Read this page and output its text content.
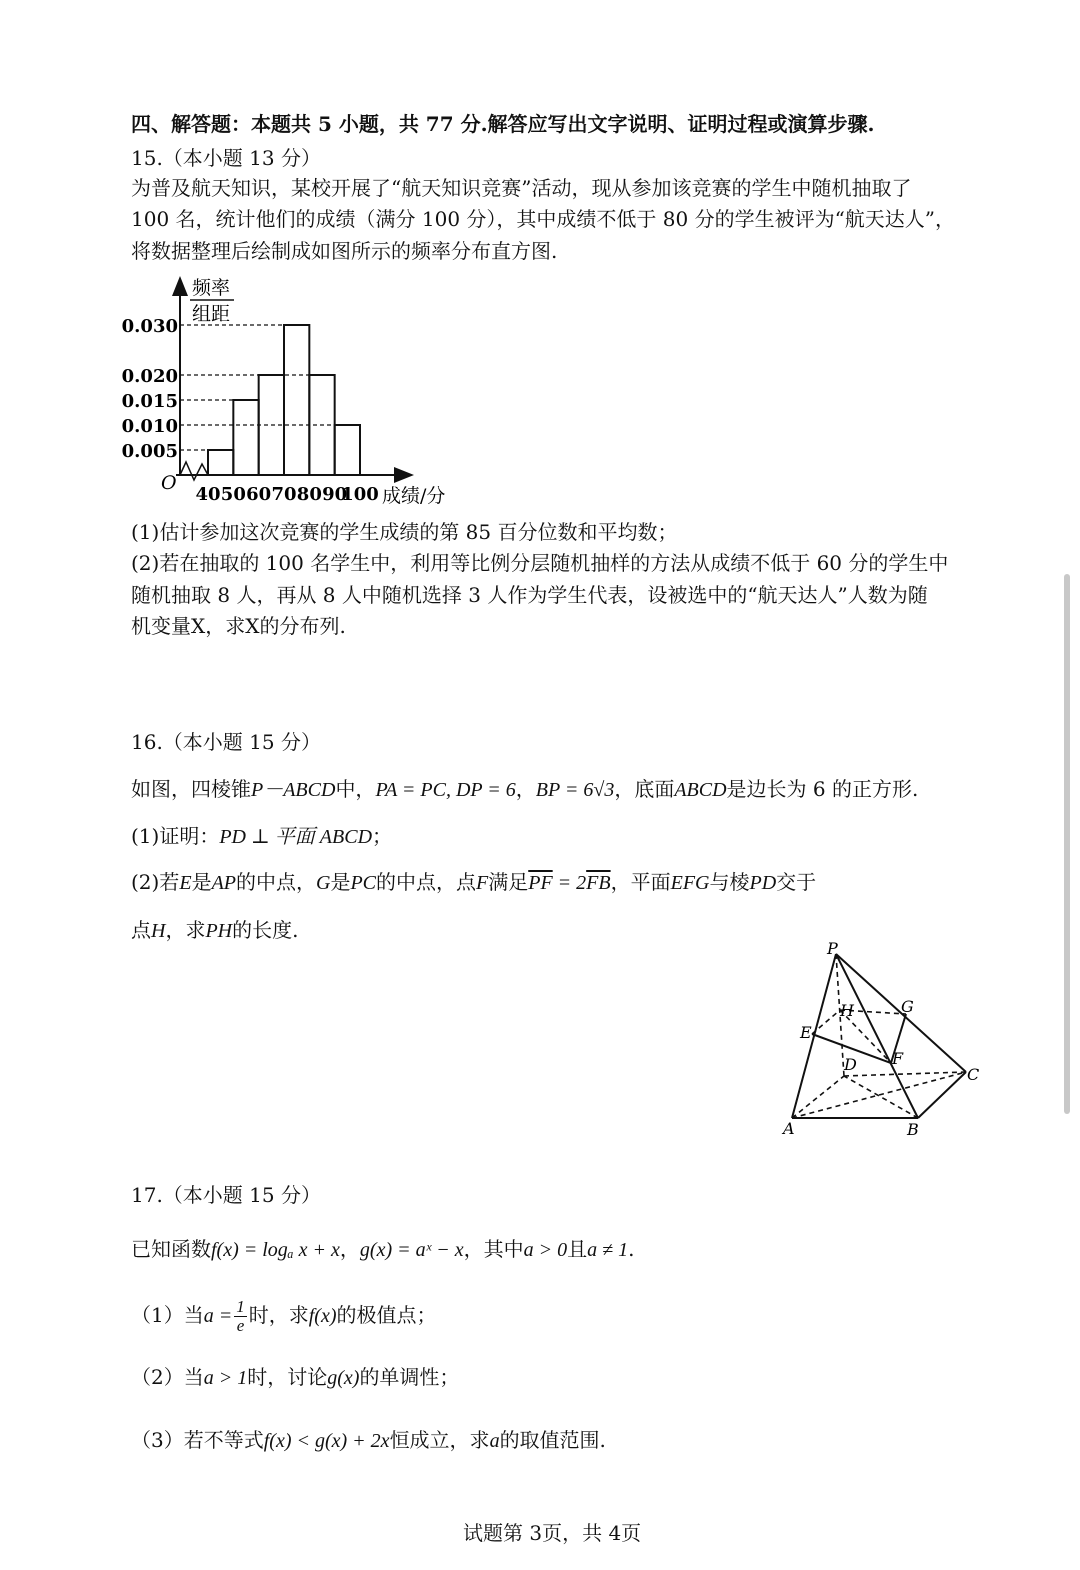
四、解答题：本题共 5 小题，共 77 分.解答应写出文字说明、证明过程或演算步骤.
15.（本小题 13 分）
为普及航天知识，某校开展了“航天知识竞赛”活动，现从参加该竞赛的学生中随机抽取了
100 名，统计他们的成绩（满分 100 分），其中成绩不低于 80 分的学生被评为“航天达人”，
将数据整理后绘制成如图所示的频率分布直方图.
频率
组距
O
成绩/分
0.030
0.020
0.015
0.010
0.005
40 50 60 70 80 90
100
(1)估计参加这次竞赛的学生成绩的第 85 百分位数和平均数；
(2)若在抽取的 100 名学生中，利用等比例分层随机抽样的方法从成绩不低于 60 分的学生中
随机抽取 8 人，再从 8 人中随机选择 3 人作为学生代表，设被选中的“航天达人”人数为随
机变量X，求X的分布列.
16.（本小题 15 分）
如图，四棱锥P－ABCD中，PA = PC, DP = 6，BP = 6√3，底面ABCD是边长为 6 的正方形.
(1)证明：PD ⊥ 平面 ABCD；
(2)若E是AP的中点，G是PC的中点，点F满足$\overline{PF} = 2\overline{FB}$，平面EFG与棱PD交于
点H，求PH的长度.
P
H	G
E
F
D
C
A	B
17.（本小题 15 分）
已知函数f(x) = logₐ x + x，g(x) = aˣ − x，其中a > 0且a ≠ 1.
（1）当$a = \frac{1}{e}$ 时，求f(x)的极值点；
（2）当a > 1时，讨论g(x)的单调性；
（3）若不等式f(x) < g(x) + 2x恒成立，求a的取值范围.
试题第 3页，共 4页
